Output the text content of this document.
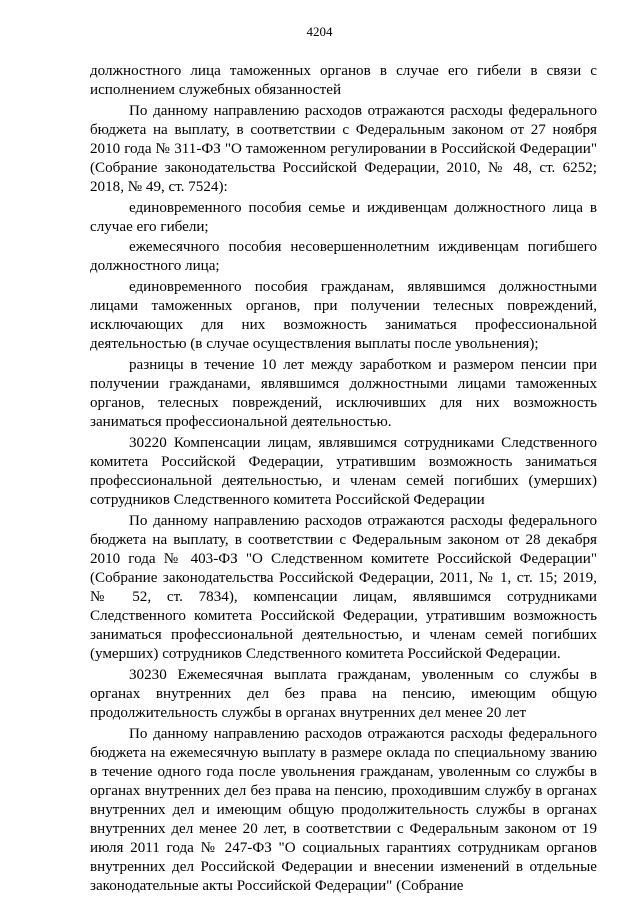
4204

должностного лица таможенных органов в случае его гибели в связи с исполнением служебных обязанностей

По данному направлению расходов отражаются расходы федерального бюджета на выплату, в соответствии с Федеральным законом от 27 ноября 2010 года № 311-ФЗ "О таможенном регулировании в Российской Федерации" (Собрание законодательства Российской Федерации, 2010, № 48, ст. 6252; 2018, № 49, ст. 7524):

единовременного пособия семье и иждивенцам должностного лица в случае его гибели;

ежемесячного пособия несовершеннолетним иждивенцам погибшего должностного лица;

единовременного пособия гражданам, являвшимся должностными лицами таможенных органов, при получении телесных повреждений, исключающих для них возможность заниматься профессиональной деятельностью (в случае осуществления выплаты после увольнения);

разницы в течение 10 лет между заработком и размером пенсии при получении гражданами, являвшимся должностными лицами таможенных органов, телесных повреждений, исключивших для них возможность заниматься профессиональной деятельностью.

30220 Компенсации лицам, являвшимся сотрудниками Следственного комитета Российской Федерации, утратившим возможность заниматься профессиональной деятельностью, и членам семей погибших (умерших) сотрудников Следственного комитета Российской Федерации

По данному направлению расходов отражаются расходы федерального бюджета на выплату, в соответствии с Федеральным законом от 28 декабря 2010 года № 403-ФЗ "О Следственном комитете Российской Федерации" (Собрание законодательства Российской Федерации, 2011, № 1, ст. 15; 2019, № 52, ст. 7834), компенсации лицам, являвшимся сотрудниками Следственного комитета Российской Федерации, утратившим возможность заниматься профессиональной деятельностью, и членам семей погибших (умерших) сотрудников Следственного комитета Российской Федерации.

30230 Ежемесячная выплата гражданам, уволенным со службы в органах внутренних дел без права на пенсию, имеющим общую продолжительность службы в органах внутренних дел менее 20 лет

По данному направлению расходов отражаются расходы федерального бюджета на ежемесячную выплату в размере оклада по специальному званию в течение одного года после увольнения гражданам, уволенным со службы в органах внутренних дел без права на пенсию, проходившим службу в органах внутренних дел и имеющим общую продолжительность службы в органах внутренних дел менее 20 лет, в соответствии с Федеральным законом от 19 июля 2011 года № 247-ФЗ "О социальных гарантиях сотрудникам органов внутренних дел Российской Федерации и внесении изменений в отдельные законодательные акты Российской Федерации" (Собрание
